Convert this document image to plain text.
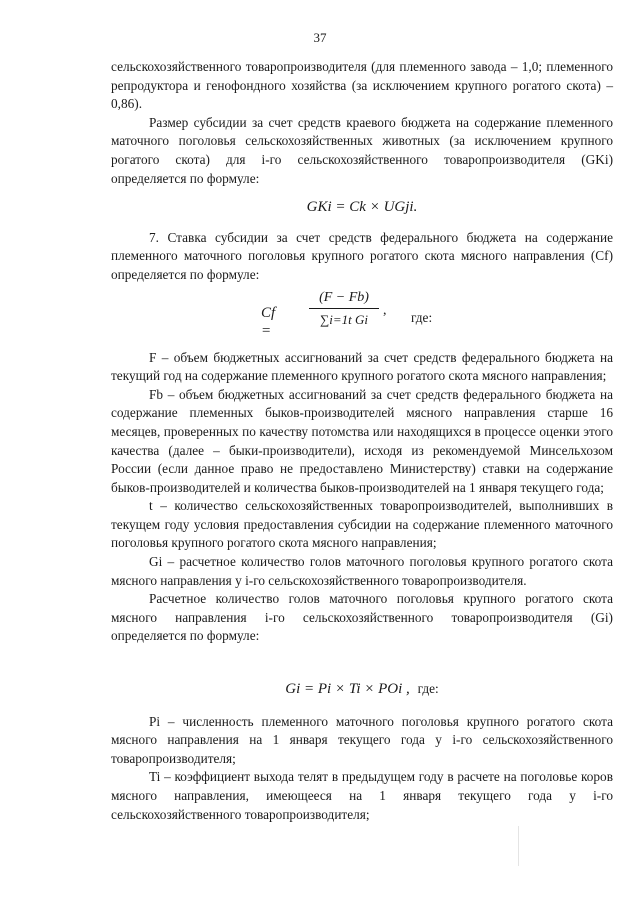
37

сельскохозяйственного товаропроизводителя (для племенного завода – 1,0; племенного репродуктора и генофондного хозяйства (за исключением крупного рогатого скота) – 0,86).

Размер субсидии за счет средств краевого бюджета на содержание племенного маточного поголовья сельскохозяйственных животных (за исключением крупного рогатого скота) для i-го сельскохозяйственного товаропроизводителя (GKi) определяется по формуле:

GKi = Ck × UGji.

7. Ставка субсидии за счет средств федерального бюджета на содержание племенного маточного поголовья крупного рогатого скота мясного направления (Cf) определяется по формуле:

Cf =
(F − Fb)
∑i=1t Gi
, где:

F – объем бюджетных ассигнований за счет средств федерального бюджета на текущий год на содержание племенного крупного рогатого скота мясного направления;

Fb – объем бюджетных ассигнований за счет средств федерального бюджета на содержание племенных быков-производителей мясного направления старше 16 месяцев, проверенных по качеству потомства или находящихся в процессе оценки этого качества (далее – быки-производители), исходя из рекомендуемой Минсельхозом России (если данное право не предоставлено Министерству) ставки на содержание быков-производителей и количества быков-производителей на 1 января текущего года;

t – количество сельскохозяйственных товаропроизводителей, выполнивших в текущем году условия предоставления субсидии на содержание племенного маточного поголовья крупного рогатого скота мясного направления;

Gi – расчетное количество голов маточного поголовья крупного рогатого скота мясного направления у i-го сельскохозяйственного товаропроизводителя.

Расчетное количество голов маточного поголовья крупного рогатого скота мясного направления i-го сельскохозяйственного товаропроизводителя (Gi) определяется по формуле:

Gi = Pi × Ti × POi , где:

Pi – численность племенного маточного поголовья крупного рогатого скота мясного направления на 1 января текущего года у i-го сельскохозяйственного товаропроизводителя;

Ti – коэффициент выхода телят в предыдущем году в расчете на поголовье коров мясного направления, имеющееся на 1 января текущего года у i-го сельскохозяйственного товаропроизводителя;
